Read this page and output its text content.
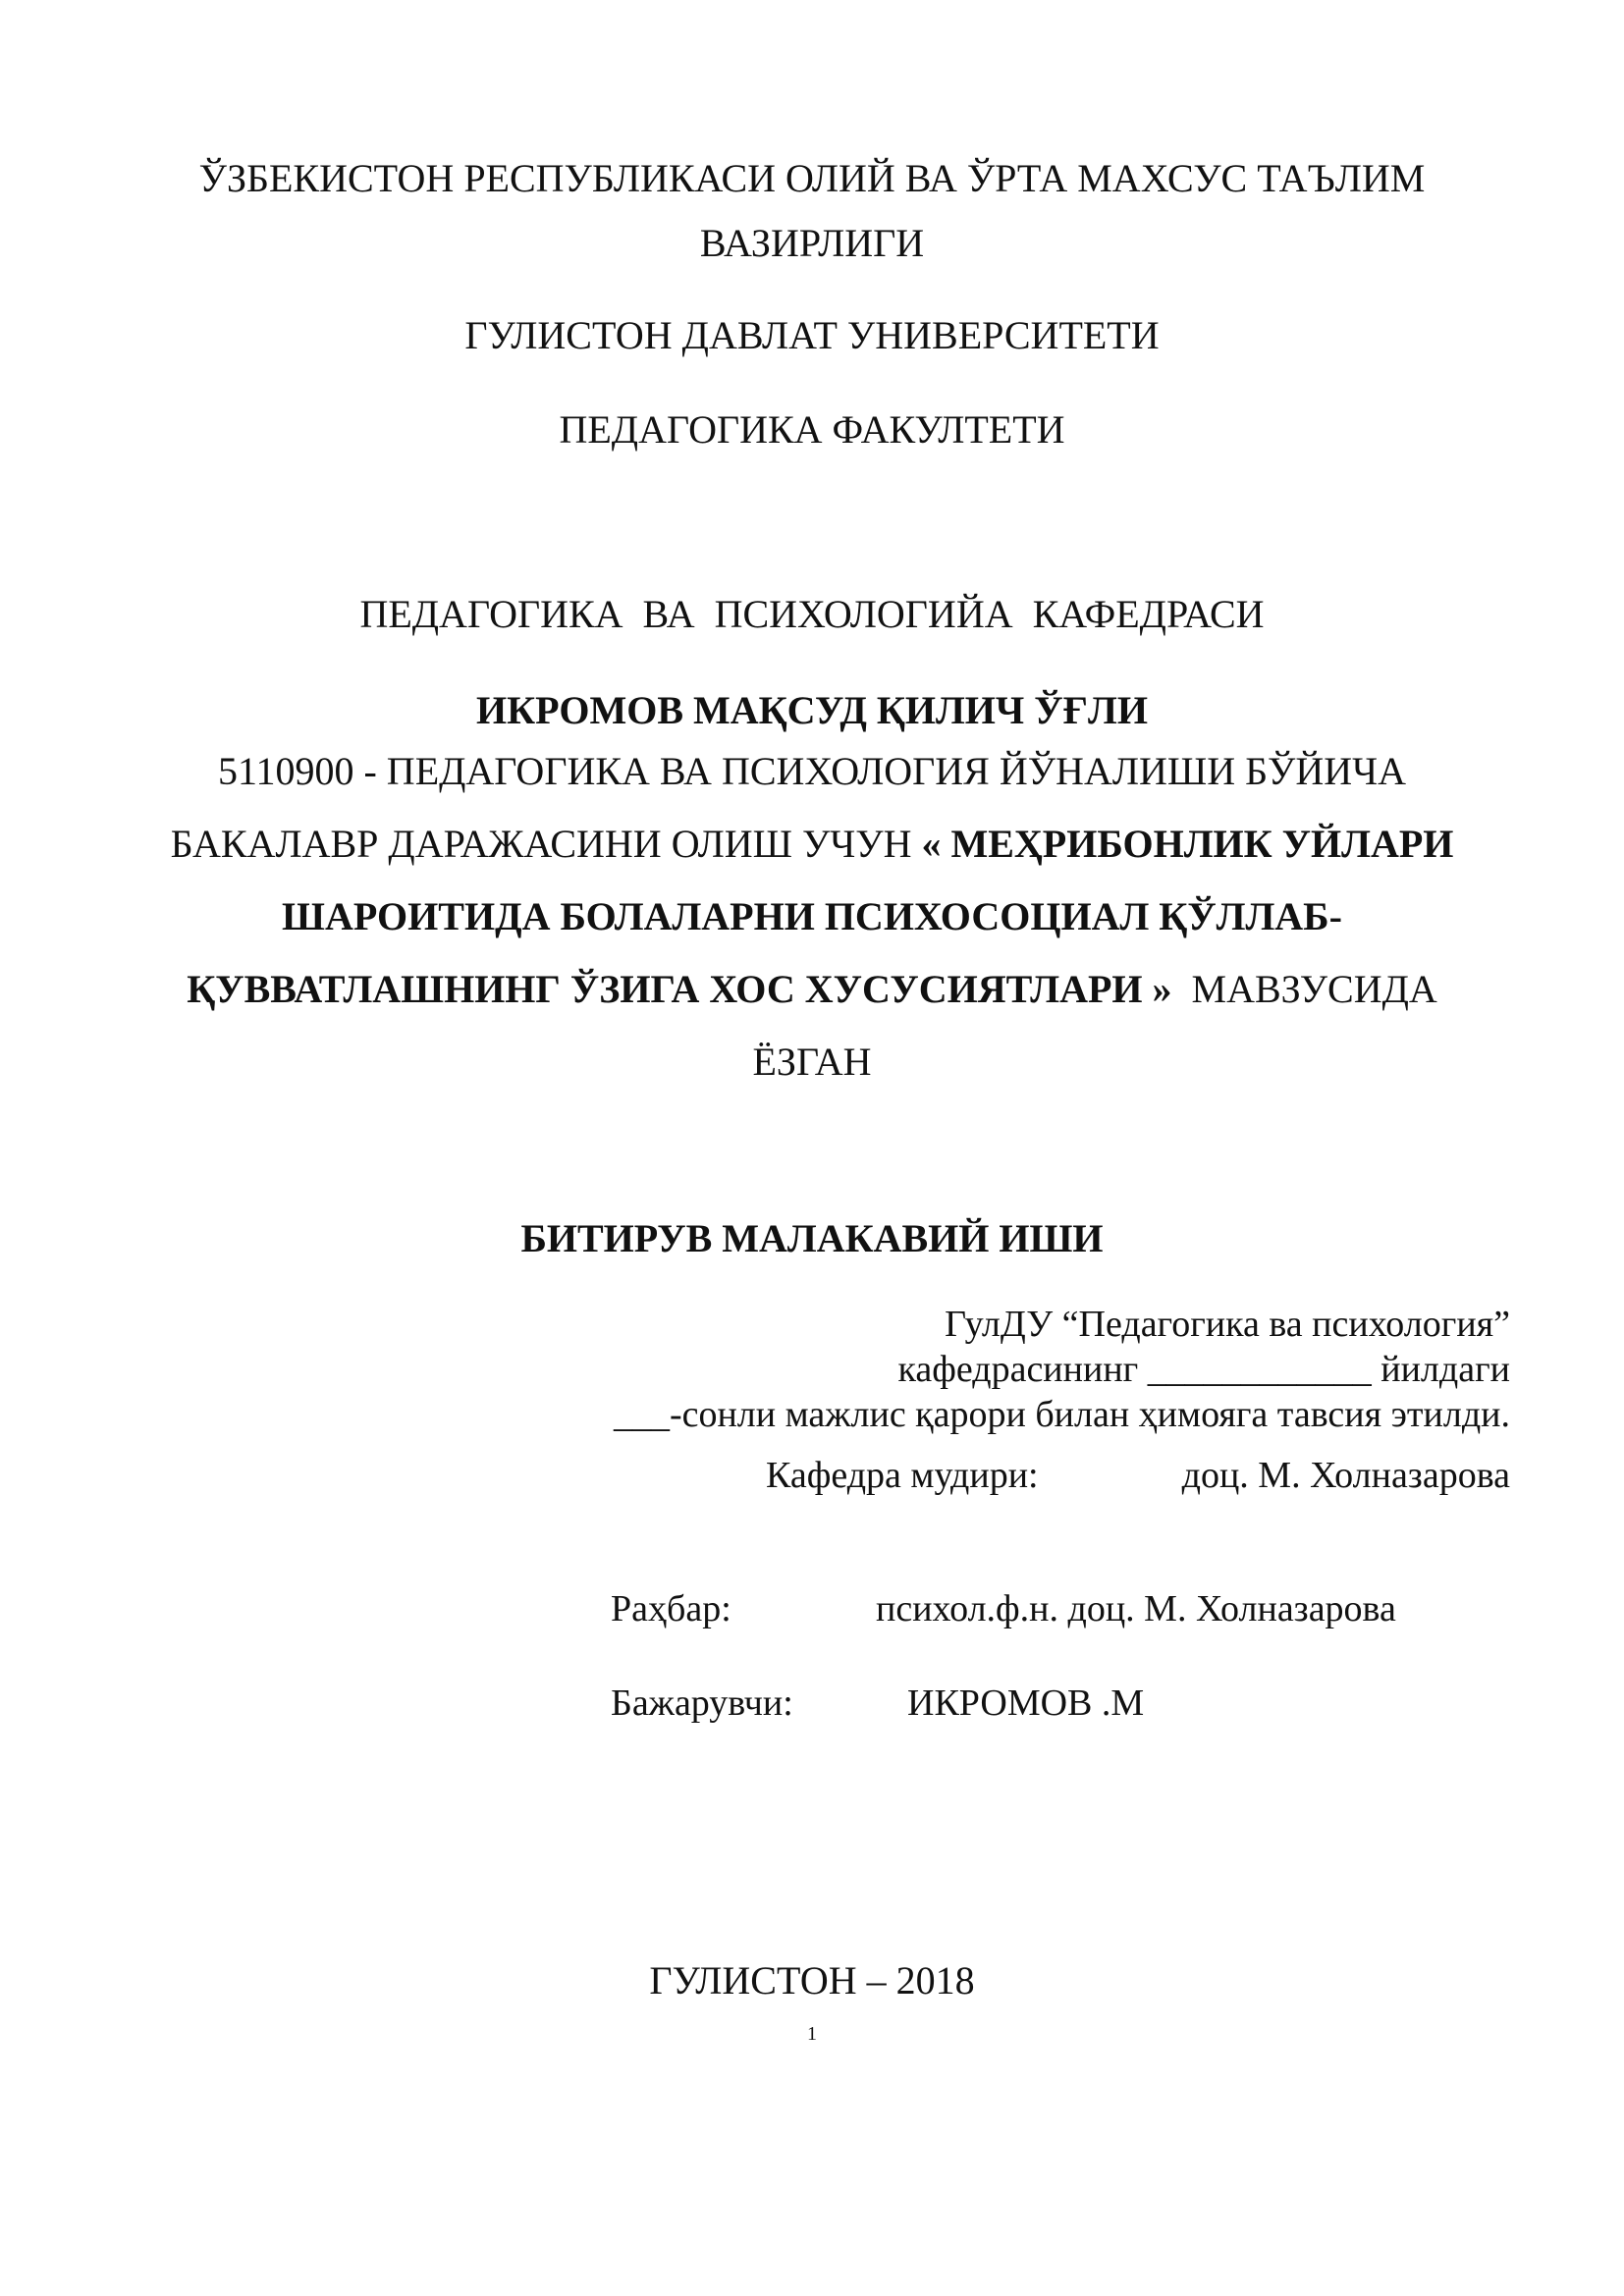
ЎЗБЕКИСТОН РЕСПУБЛИКАСИ ОЛИЙ ВА ЎРТА МАХСУС ТАЪЛИМ
ВАЗИРЛИГИ
ГУЛИСТОН ДАВЛАТ УНИВЕРСИТЕТИ
ПЕДАГОГИКА ФАКУЛТЕТИ
ПЕДАГОГИКА ВА ПСИХОЛОГИЙА КАФЕДРАСИ
ИКРОМОВ МАҚСУД ҚИЛИЧ ЎҒЛИ
5110900 - ПЕДАГОГИКА ВА ПСИХОЛОГИЯ ЙЎНАЛИШИ БЎЙИЧА
БАКАЛАВР ДАРАЖАСИНИ ОЛИШ УЧУН « МЕҲРИБОНЛИК УЙЛАРИ
ШАРОИТИДА БОЛАЛАРНИ ПСИХОСОЦИАЛ ҚЎЛЛАБ-
ҚУВВАТЛАШНИНГ ЎЗИГА ХОС ХУСУСИЯТЛАРИ »  МАВЗУСИДА
ЁЗГАН
БИТИРУВ МАЛАКАВИЙ ИШИ
ГулДУ “Педагогика ва психология”
кафедрасининг ____________ йилдаги
___-сонли мажлис қарори билан ҳимояга тавсия этилди.
Кафедра мудири:	доц. М. Холназарова
Раҳбар:	психол.ф.н. доц. М. Холназарова
Бажарувчи:	ИКРОМОВ .М
ГУЛИСТОН – 2018
1
